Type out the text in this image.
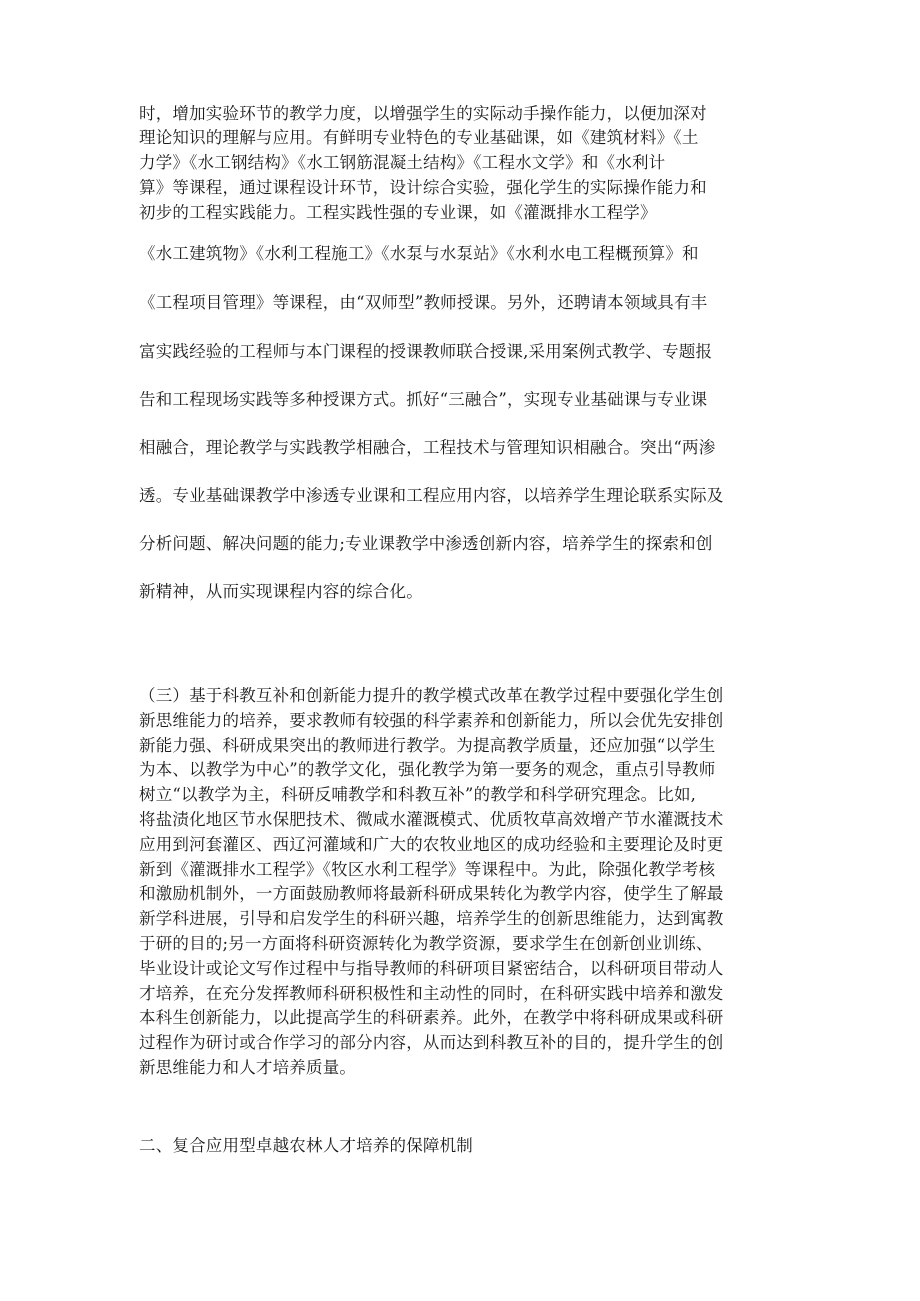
时，增加实验环节的教学力度，以增强学生的实际动手操作能力，以便加深对
理论知识的理解与应用。有鲜明专业特色的专业基础课，如《建筑材料》《土
力学》《水工钢结构》《水工钢筋混凝土结构》《工程水文学》和《水利计
算》等课程，通过课程设计环节，设计综合实验，强化学生的实际操作能力和
初步的工程实践能力。工程实践性强的专业课，如《灌溉排水工程学》
《水工建筑物》《水利工程施工》《水泵与水泵站》《水利水电工程概预算》和
《工程项目管理》等课程，由“双师型”教师授课。另外，还聘请本领域具有丰
富实践经验的工程师与本门课程的授课教师联合授课,采用案例式教学、专题报
告和工程现场实践等多种授课方式。抓好“三融合”，实现专业基础课与专业课
相融合，理论教学与实践教学相融合，工程技术与管理知识相融合。突出“两渗
透。专业基础课教学中渗透专业课和工程应用内容，以培养学生理论联系实际及
分析问题、解决问题的能力;专业课教学中渗透创新内容，培养学生的探索和创
新精神，从而实现课程内容的综合化。
（三）基于科教互补和创新能力提升的教学模式改革在教学过程中要强化学生创
新思维能力的培养，要求教师有较强的科学素养和创新能力，所以会优先安排创
新能力强、科研成果突出的教师进行教学。为提高教学质量，还应加强“以学生
为本、以教学为中心”的教学文化，强化教学为第一要务的观念，重点引导教师
树立“以教学为主，科研反哺教学和科教互补”的教学和科学研究理念。比如,
将盐渍化地区节水保肥技术、微咸水灌溉模式、优质牧草高效增产节水灌溉技术
应用到河套灌区、西辽河灌域和广大的农牧业地区的成功经验和主要理论及时更
新到《灌溉排水工程学》《牧区水利工程学》等课程中。为此，除强化教学考核
和激励机制外，一方面鼓励教师将最新科研成果转化为教学内容，使学生了解最
新学科进展，引导和启发学生的科研兴趣，培养学生的创新思维能力，达到寓教
于研的目的;另一方面将科研资源转化为教学资源，要求学生在创新创业训练、
毕业设计或论文写作过程中与指导教师的科研项目紧密结合，以科研项目带动人
才培养，在充分发挥教师科研积极性和主动性的同时，在科研实践中培养和激发
本科生创新能力，以此提高学生的科研素养。此外，在教学中将科研成果或科研
过程作为研讨或合作学习的部分内容，从而达到科教互补的目的，提升学生的创
新思维能力和人才培养质量。
二、复合应用型卓越农林人才培养的保障机制
